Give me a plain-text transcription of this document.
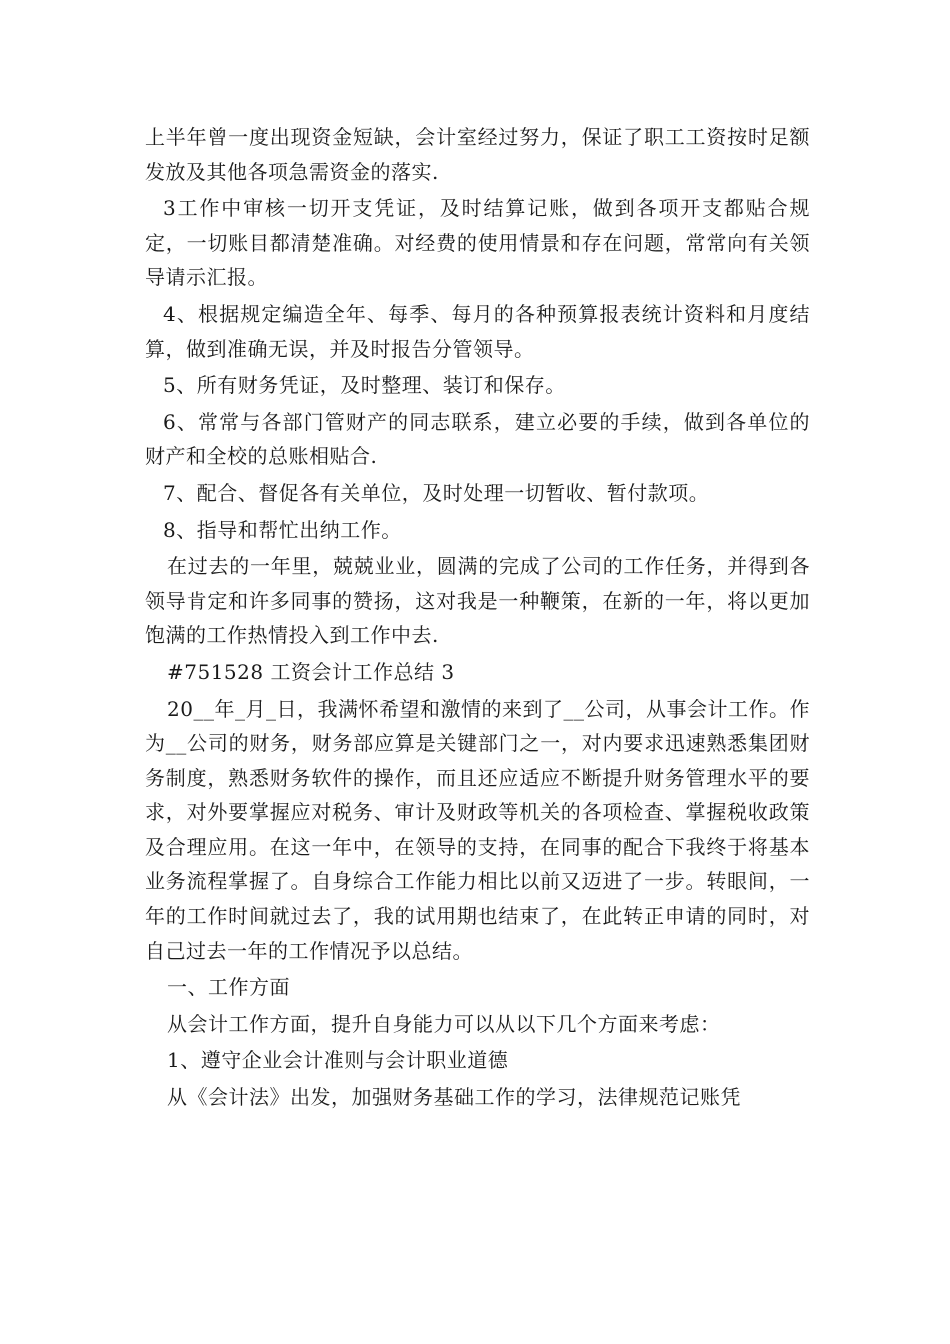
上半年曾一度出现资金短缺，会计室经过努力，保证了职工工资按时足额发放及其他各项急需资金的落实.

3工作中审核一切开支凭证，及时结算记账，做到各项开支都贴合规定，一切账目都清楚准确。对经费的使用情景和存在问题，常常向有关领导请示汇报。

4、根据规定编造全年、每季、每月的各种预算报表统计资料和月度结算，做到准确无误，并及时报告分管领导。

5、所有财务凭证，及时整理、装订和保存。

6、常常与各部门管财产的同志联系，建立必要的手续，做到各单位的财产和全校的总账相贴合.

7、配合、督促各有关单位，及时处理一切暂收、暂付款项。

8、指导和帮忙出纳工作。

在过去的一年里，兢兢业业，圆满的完成了公司的工作任务，并得到各领导肯定和许多同事的赞扬，这对我是一种鞭策，在新的一年，将以更加饱满的工作热情投入到工作中去.

#751528 工资会计工作总结 3

20__年_月_日，我满怀希望和激情的来到了__公司，从事会计工作。作为__公司的财务，财务部应算是关键部门之一，对内要求迅速熟悉集团财务制度，熟悉财务软件的操作，而且还应适应不断提升财务管理水平的要求，对外要掌握应对税务、审计及财政等机关的各项检查、掌握税收政策及合理应用。在这一年中，在领导的支持，在同事的配合下我终于将基本业务流程掌握了。自身综合工作能力相比以前又迈进了一步。转眼间，一年的工作时间就过去了，我的试用期也结束了，在此转正申请的同时，对自己过去一年的工作情况予以总结。

一、工作方面

从会计工作方面，提升自身能力可以从以下几个方面来考虑：

1、遵守企业会计准则与会计职业道德

从《会计法》出发，加强财务基础工作的学习，法律规范记账凭
